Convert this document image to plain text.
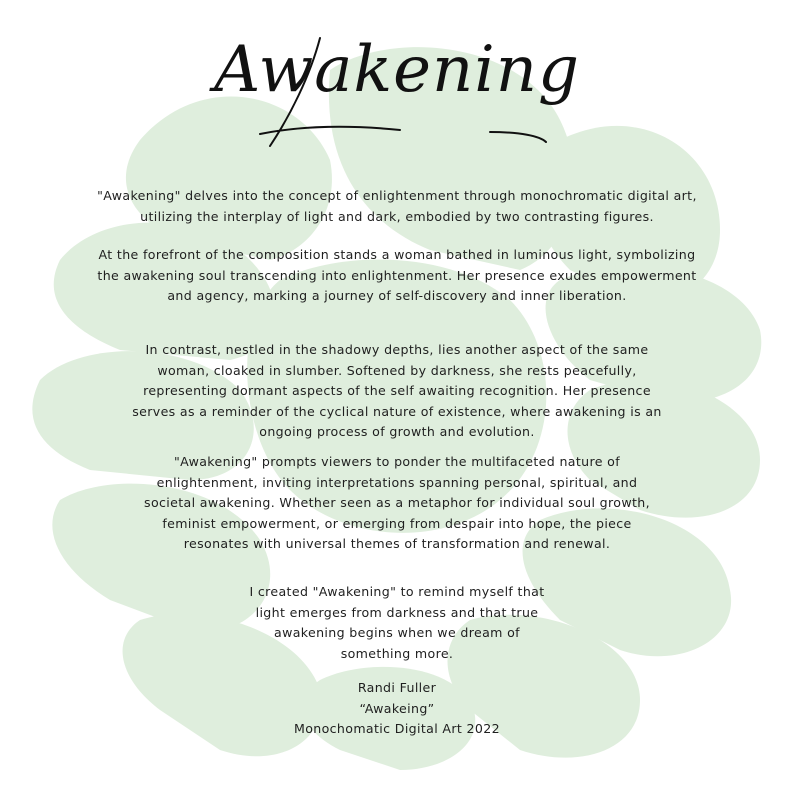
Awakening

"Awakening" delves into the concept of enlightenment through monochromatic digital art,
utilizing the interplay of light and dark, embodied by two contrasting figures.

At the forefront of the composition stands a woman bathed in luminous light, symbolizing
the awakening soul transcending into enlightenment. Her presence exudes empowerment
and agency, marking a journey of self-discovery and inner liberation.

In contrast, nestled in the shadowy depths, lies another aspect of the same
woman, cloaked in slumber. Softened by darkness, she rests peacefully,
representing dormant aspects of the self awaiting recognition. Her presence
serves as a reminder of the cyclical nature of existence, where awakening is an
ongoing process of growth and evolution.

"Awakening" prompts viewers to ponder the multifaceted nature of
enlightenment, inviting interpretations spanning personal, spiritual, and
societal awakening. Whether seen as a metaphor for individual soul growth,
feminist empowerment, or emerging from despair into hope, the piece
resonates with universal themes of transformation and renewal.

I created "Awakening" to remind myself that
light emerges from darkness and that true
awakening begins when we dream of
something more.

Randi Fuller
“Awakeing”
Monochomatic Digital Art 2022
